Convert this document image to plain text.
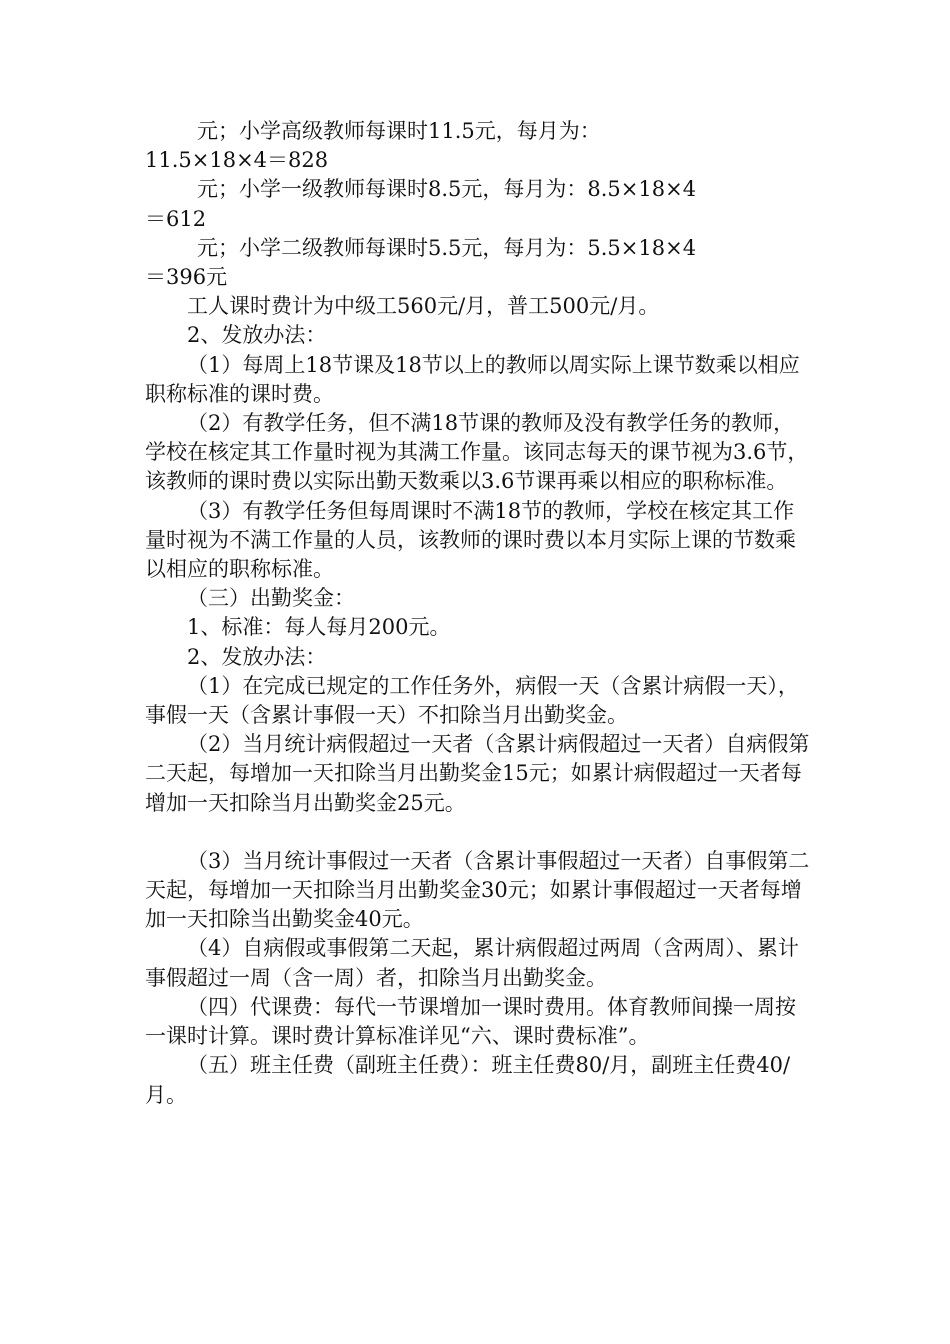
元；小学高级教师每课时11.5元，每月为：
11.5×18×4＝828
元；小学一级教师每课时8.5元，每月为：8.5×18×4
＝612
元；小学二级教师每课时5.5元，每月为：5.5×18×4
＝396元

工人课时费计为中级工560元/月，普工500元/月。

2、发放办法：

（1）每周上18节课及18节以上的教师以周实际上课节数乘以相应职称标准的课时费。

（2）有教学任务，但不满18节课的教师及没有教学任务的教师，学校在核定其工作量时视为其满工作量。该同志每天的课节视为3.6节，该教师的课时费以实际出勤天数乘以3.6节课再乘以相应的职称标准。

（3）有教学任务但每周课时不满18节的教师，学校在核定其工作量时视为不满工作量的人员，该教师的课时费以本月实际上课的节数乘以相应的职称标准。

（三）出勤奖金：

1、标准：每人每月200元。

2、发放办法：

（1）在完成已规定的工作任务外，病假一天（含累计病假一天），事假一天（含累计事假一天）不扣除当月出勤奖金。

（2）当月统计病假超过一天者（含累计病假超过一天者）自病假第二天起，每增加一天扣除当月出勤奖金15元；如累计病假超过一天者每增加一天扣除当月出勤奖金25元。

（3）当月统计事假过一天者（含累计事假超过一天者）自事假第二天起，每增加一天扣除当月出勤奖金30元；如累计事假超过一天者每增加一天扣除当出勤奖金40元。

（4）自病假或事假第二天起，累计病假超过两周（含两周）、累计事假超过一周（含一周）者，扣除当月出勤奖金。

（四）代课费：每代一节课增加一课时费用。体育教师间操一周按一课时计算。课时费计算标准详见“六、课时费标准”。

（五）班主任费（副班主任费）：班主任费80/月，副班主任费40/月。
